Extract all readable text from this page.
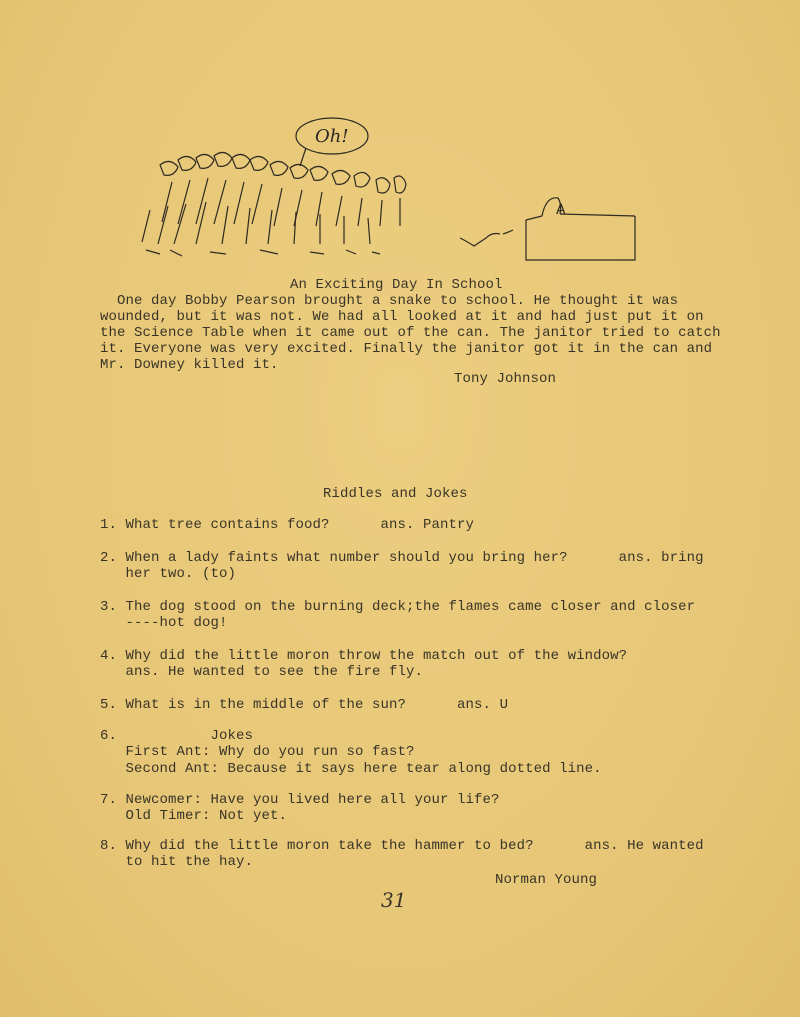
Oh!
A
An Exciting Day In School
One day Bobby Pearson brought a snake to school. He thought it was
wounded, but it was not. We had all looked at it and had just put it on
the Science Table when it came out of the can. The janitor tried to catch
it. Everyone was very excited. Finally the janitor got it in the can and
Mr. Downey killed it.
Tony Johnson
Riddles and Jokes
1. What tree contains food?      ans. Pantry
2. When a lady faints what number should you bring her?      ans. bring
her two. (to)
3. The dog stood on the burning deck;the flames came closer and closer
----hot dog!
4. Why did the little moron throw the match out of the window?
ans. He wanted to see the fire fly.
5. What is in the middle of the sun?      ans. U
6.           Jokes
First Ant: Why do you run so fast?
Second Ant: Because it says here tear along dotted line.
7. Newcomer: Have you lived here all your life?
Old Timer: Not yet.
8. Why did the little moron take the hammer to bed?      ans. He wanted
to hit the hay.
Norman Young
31
